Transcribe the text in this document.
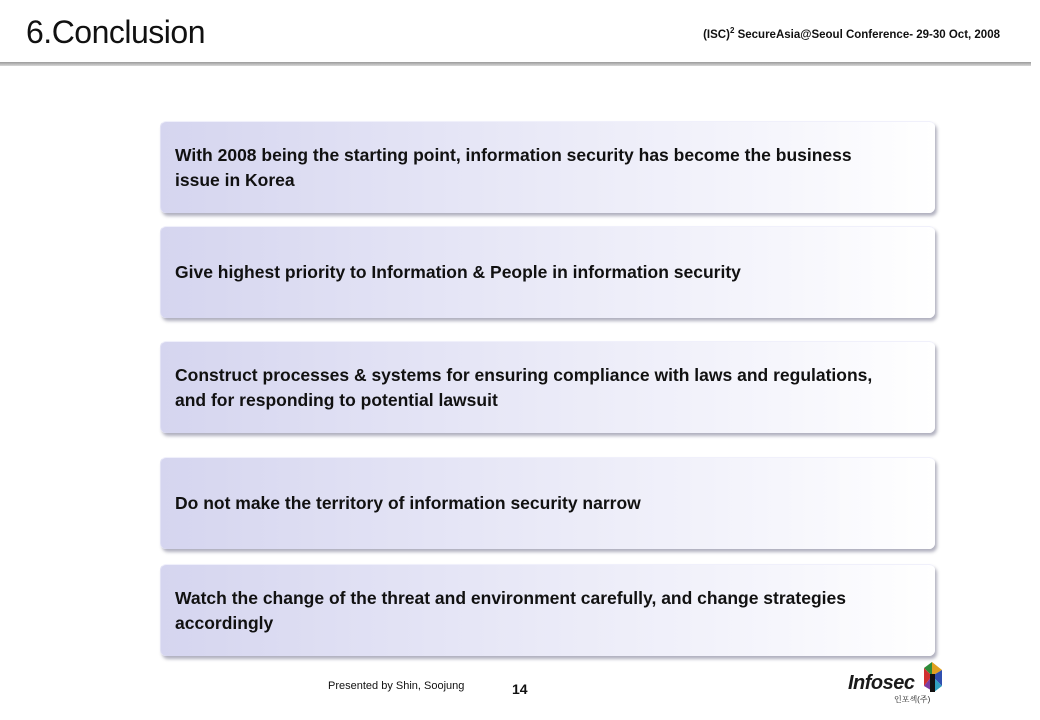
6.Conclusion	(ISC)$^2$ SecureAsia@Seoul Conference- 29-30 Oct, 2008
With 2008 being the starting point, information security has become the business issue in Korea
Give highest priority to Information & People in information security
Construct processes & systems for ensuring compliance with laws and regulations, and for responding to potential lawsuit
Do not make the territory of information security narrow
Watch the change of the threat and environment carefully, and change strategies accordingly
Presented by Shin, Soojung	14	Infosec
인포섹(주)
